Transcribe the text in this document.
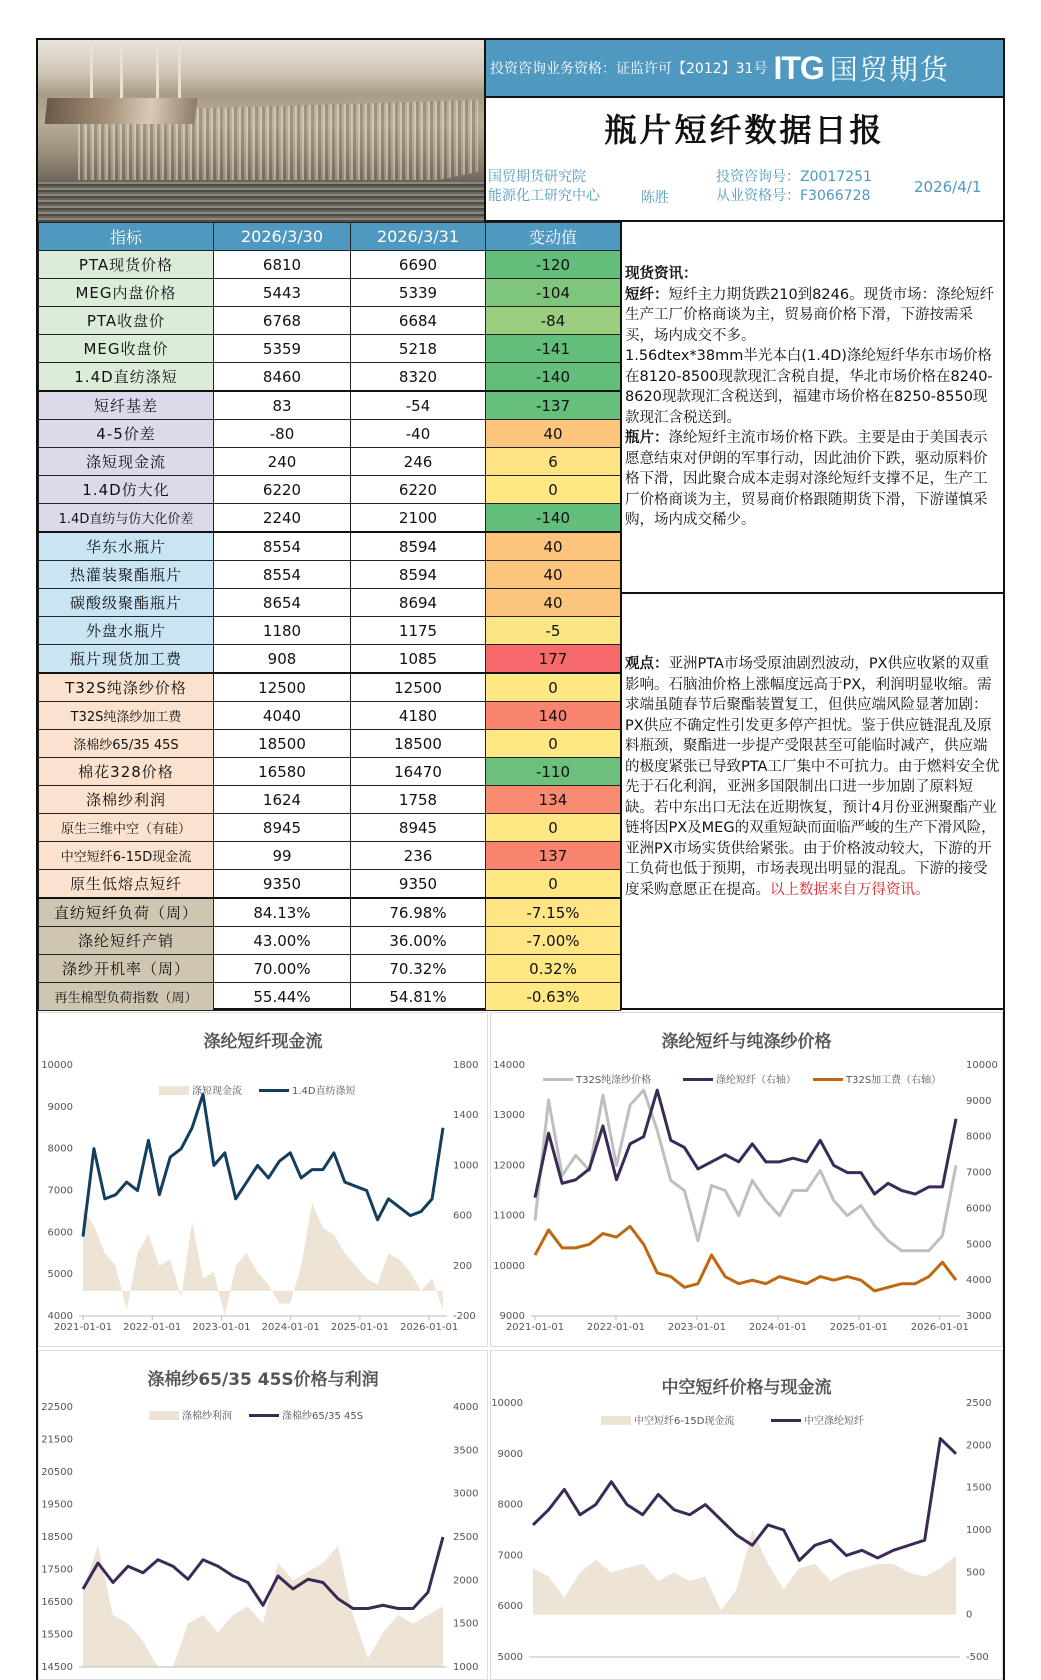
投资咨询业务资格：证监许可【2012】31号 ITG 国贸期货
瓶片短纤数据日报
国贸期货研究院
能源化工研究中心	陈胜
投资咨询号：Z0017251
从业资格号：F3066728	2026/4/1
指标	2026/3/30	2026/3/31	变动值
PTA现货价格	6810	6690	-120
MEG内盘价格	5443	5339	-104
PTA收盘价	6768	6684	-84
MEG收盘价	5359	5218	-141
1.4D直纺涤短	8460	8320	-140
短纤基差	83	-54	-137
4-5价差	-80	-40	40
涤短现金流	240	246	6
1.4D仿大化	6220	6220	0
1.4D直纺与仿大化价差	2240	2100	-140
华东水瓶片	8554	8594	40
热灌装聚酯瓶片	8554	8594	40
碳酸级聚酯瓶片	8654	8694	40
外盘水瓶片	1180	1175	-5
瓶片现货加工费	908	1085	177
T32S纯涤纱价格	12500	12500	0
T32S纯涤纱加工费	4040	4180	140
涤棉纱65/35 45S	18500	18500	0
棉花328价格	16580	16470	-110
涤棉纱利润	1624	1758	134
原生三维中空（有硅）	8945	8945	0
中空短纤6-15D现金流	99	236	137
原生低熔点短纤	9350	9350	0
直纺短纤负荷（周）	84.13%	76.98%	-7.15%
涤纶短纤产销	43.00%	36.00%	-7.00%
涤纱开机率（周）	70.00%	70.32%	0.32%
再生棉型负荷指数（周）	55.44%	54.81%	-0.63%
现货资讯：
短纤：短纤主力期货跌210到8246。现货市场：涤纶短纤生产工厂价格商谈为主，贸易商价格下滑，下游按需采买，场内成交不多。
1.56dtex*38mm半光本白(1.4D)涤纶短纤华东市场价格在8120-8500现款现汇含税自提，华北市场价格在8240-8620现款现汇含税送到，福建市场价格在8250-8550现款现汇含税送到。
瓶片：涤纶短纤主流市场价格下跌。主要是由于美国表示愿意结束对伊朗的军事行动，因此油价下跌，驱动原料价格下滑，因此聚合成本走弱对涤纶短纤支撑不足，生产工厂价格商谈为主，贸易商价格跟随期货下滑，下游谨慎采购，场内成交稀少。
观点：亚洲PTA市场受原油剧烈波动，PX供应收紧的双重影响。石脑油价格上涨幅度远高于PX，利润明显收缩。需求端虽随春节后聚酯装置复工，但供应端风险显著加剧：PX供应不确定性引发更多停产担忧。鉴于供应链混乱及原料瓶颈，聚酯进一步提产受限甚至可能临时减产，供应端的极度紧张已导致PTA工厂集中不可抗力。由于燃料安全优先于石化利润，亚洲多国限制出口进一步加剧了原料短缺。若中东出口无法在近期恢复，预计4月份亚洲聚酯产业链将因PX及MEG的双重短缺而面临严峻的生产下滑风险，亚洲PX市场实货供给紧张。由于价格波动较大，下游的开工负荷也低于预期，市场表现出明显的混乱。下游的接受度采购意愿正在提高。以上数据来自万得资讯。
涤纶短纤现金流
4000
5000
6000
7000
8000
9000
10000
-200
200
600
1000
1400
1800
2021-01-01 2022-01-01 2023-01-01 2024-01-01 2025-01-01 2026-01-01
涤短现金流	1.4D直纺涤短
涤纶短纤与纯涤纱价格
9000
10000
11000
12000
13000
14000
3000
4000
5000
6000
7000
8000
9000
10000
2021-01-01 2022-01-01 2023-01-01 2024-01-01 2025-01-01 2026-01-01
T32S纯涤纱价格	涤纶短纤（右轴）	T32S加工费（右轴）
涤棉纱65/35 45S价格与利润
14500
15500
16500
17500
18500
19500
20500
21500
22500
1000
1500
2000
2500
3000
3500
4000
涤棉纱利润	涤棉纱65/35 45S
中空短纤价格与现金流
5000
6000
7000
8000
9000
10000
-500
0
500
1000
1500
2000
2500
中空短纤6-15D现金流	中空涤纶短纤
